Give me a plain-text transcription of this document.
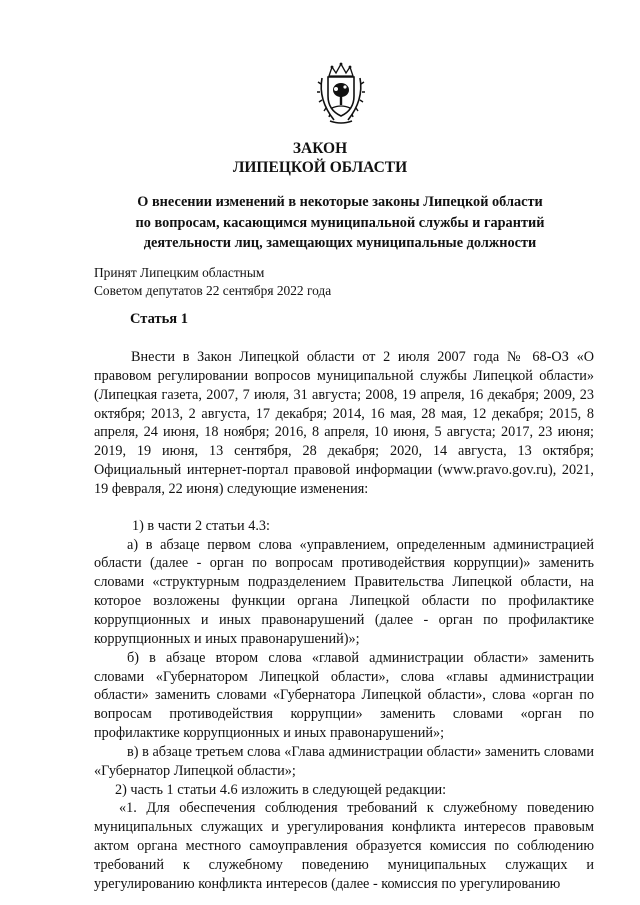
ЗАКОН
ЛИПЕЦКОЙ ОБЛАСТИ
О внесении изменений в некоторые законы Липецкой области
по вопросам, касающимся муниципальной службы и гарантий
деятельности лиц, замещающих муниципальные должности
Принят Липецким областным
Советом депутатов 22 сентября 2022 года
Статья 1

Внести в Закон Липецкой области от 2 июля 2007 года № 68-ОЗ «О правовом регулировании вопросов муниципальной службы Липецкой области» (Липецкая газета, 2007, 7 июля, 31 августа; 2008, 19 апреля, 16 декабря; 2009, 23 октября; 2013, 2 августа, 17 декабря; 2014, 16 мая, 28 мая, 12 декабря; 2015, 8 апреля, 24 июня, 18 ноября; 2016, 8 апреля, 10 июня, 5 августа; 2017, 23 июня; 2019, 19 июня, 13 сентября, 28 декабря; 2020, 14 августа, 13 октября; Официальный интернет-портал правовой информации (www.pravo.gov.ru), 2021, 19 февраля, 22 июня) следующие изменения:

1) в части 2 статьи 4.3:

а) в абзаце первом слова «управлением, определенным администрацией области (далее - орган по вопросам противодействия коррупции)» заменить словами «структурным подразделением Правительства Липецкой области, на которое возложены функции органа Липецкой области по профилактике коррупционных и иных правонарушений (далее - орган по профилактике коррупционных и иных правонарушений)»;

б) в абзаце втором слова «главой администрации области» заменить словами «Губернатором Липецкой области», слова «главы администрации области» заменить словами «Губернатора Липецкой области», слова «орган по вопросам противодействия коррупции» заменить словами «орган по профилактике коррупционных и иных правонарушений»;

в) в абзаце третьем слова «Глава администрации области» заменить словами «Губернатор Липецкой области»;

2) часть 1 статьи 4.6 изложить в следующей редакции:

«1. Для обеспечения соблюдения требований к служебному поведению муниципальных служащих и урегулирования конфликта интересов правовым актом органа местного самоуправления образуется комиссия по соблюдению требований к служебному поведению муниципальных служащих и урегулированию конфликта интересов (далее - комиссия по урегулированию
